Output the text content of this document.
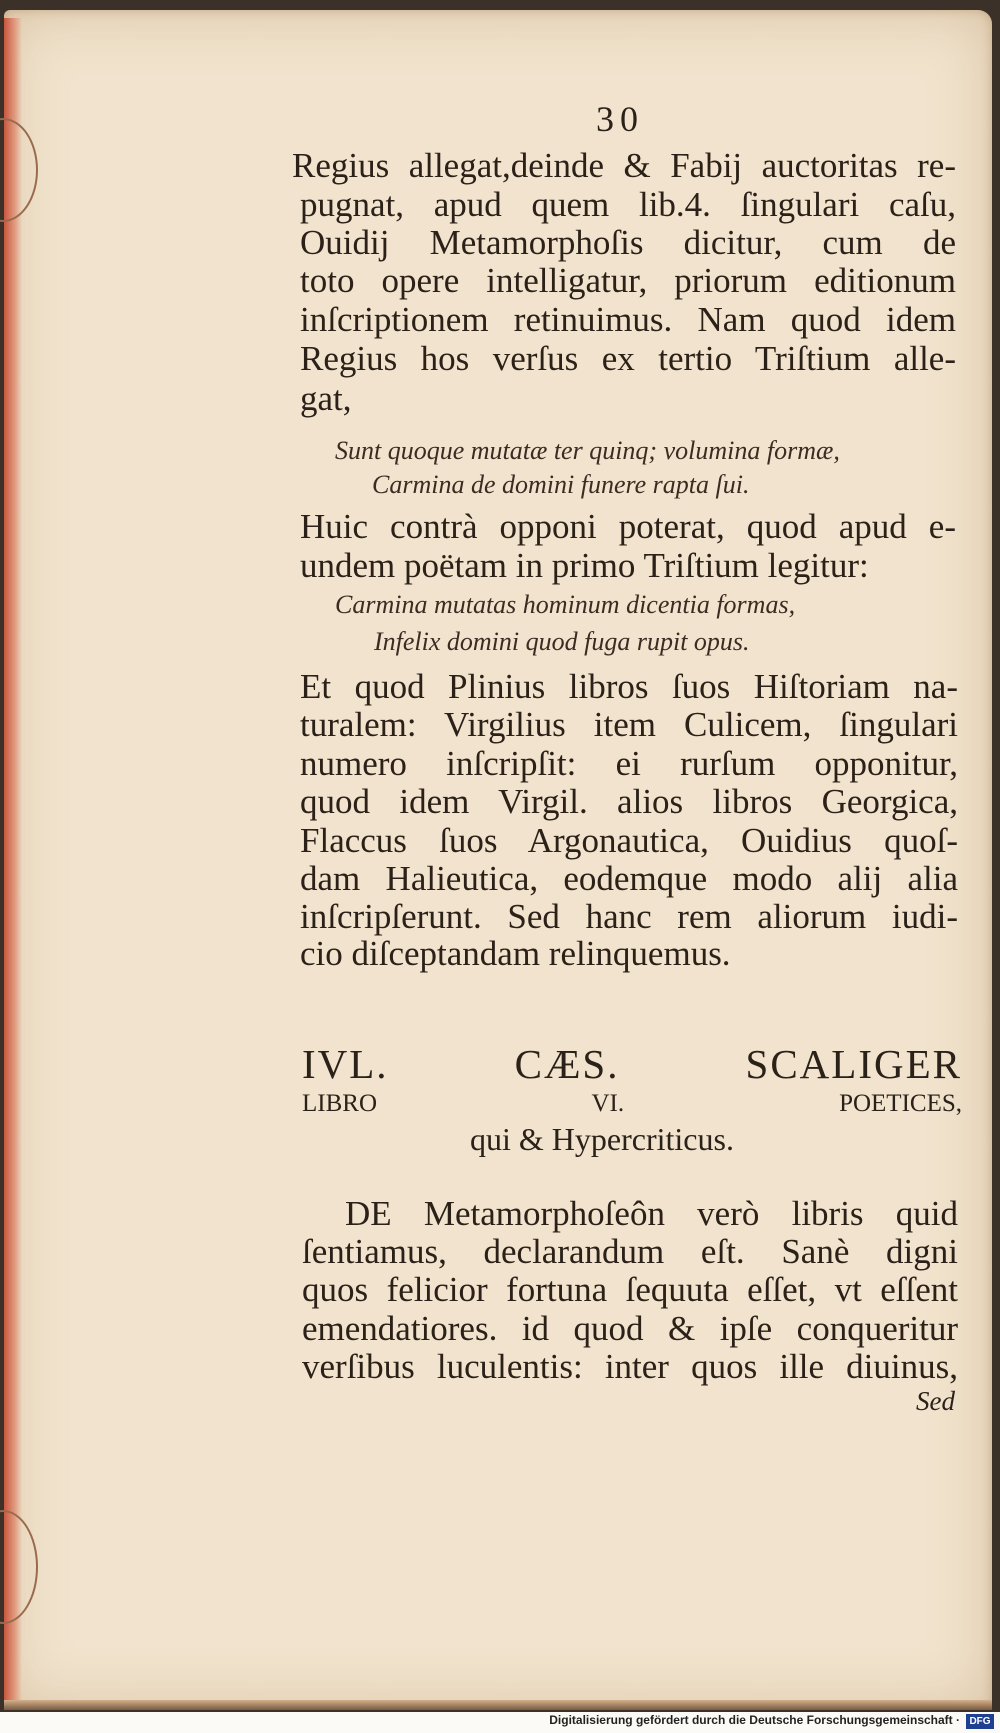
30
Regius allegat,deinde & Fabij auctoritas re-
pugnat, apud quem lib.4. ſingulari caſu,
Ouidij Metamorphoſis dicitur, cum de
toto opere intelligatur, priorum editionum
inſcriptionem retinuimus. Nam quod idem
Regius hos verſus ex tertio Triſtium alle-
gat,
Sunt quoque mutatæ ter quinq; volumina formæ,
Carmina de domini funere rapta ſui.
Huic contrà opponi poterat, quod apud e-
undem poëtam in primo Triſtium legitur:
Carmina mutatas hominum dicentia formas,
Infelix domini quod fuga rupit opus.
Et quod Plinius libros ſuos Hiſtoriam na-
turalem: Virgilius item Culicem, ſingulari
numero inſcripſit: ei rurſum opponitur,
quod idem Virgil. alios libros Georgica,
Flaccus ſuos Argonautica, Ouidius quoſ-
dam Halieutica, eodemque modo alij alia
inſcripſerunt. Sed hanc rem aliorum iudi-
cio diſceptandam relinquemus.
IVL. CÆS. SCALIGER
LIBRO VI. POETICES,
qui & Hypercriticus.
DE Metamorphoſeôn verò libris quid
ſentiamus, declarandum eſt. Sanè digni
quos felicior fortuna ſequuta eſſet, vt eſſent
emendatiores. id quod & ipſe conqueritur
verſibus luculentis: inter quos ille diuinus,
Sed
Digitalisierung gefördert durch die Deutsche Forschungsgemeinschaft · DFG
